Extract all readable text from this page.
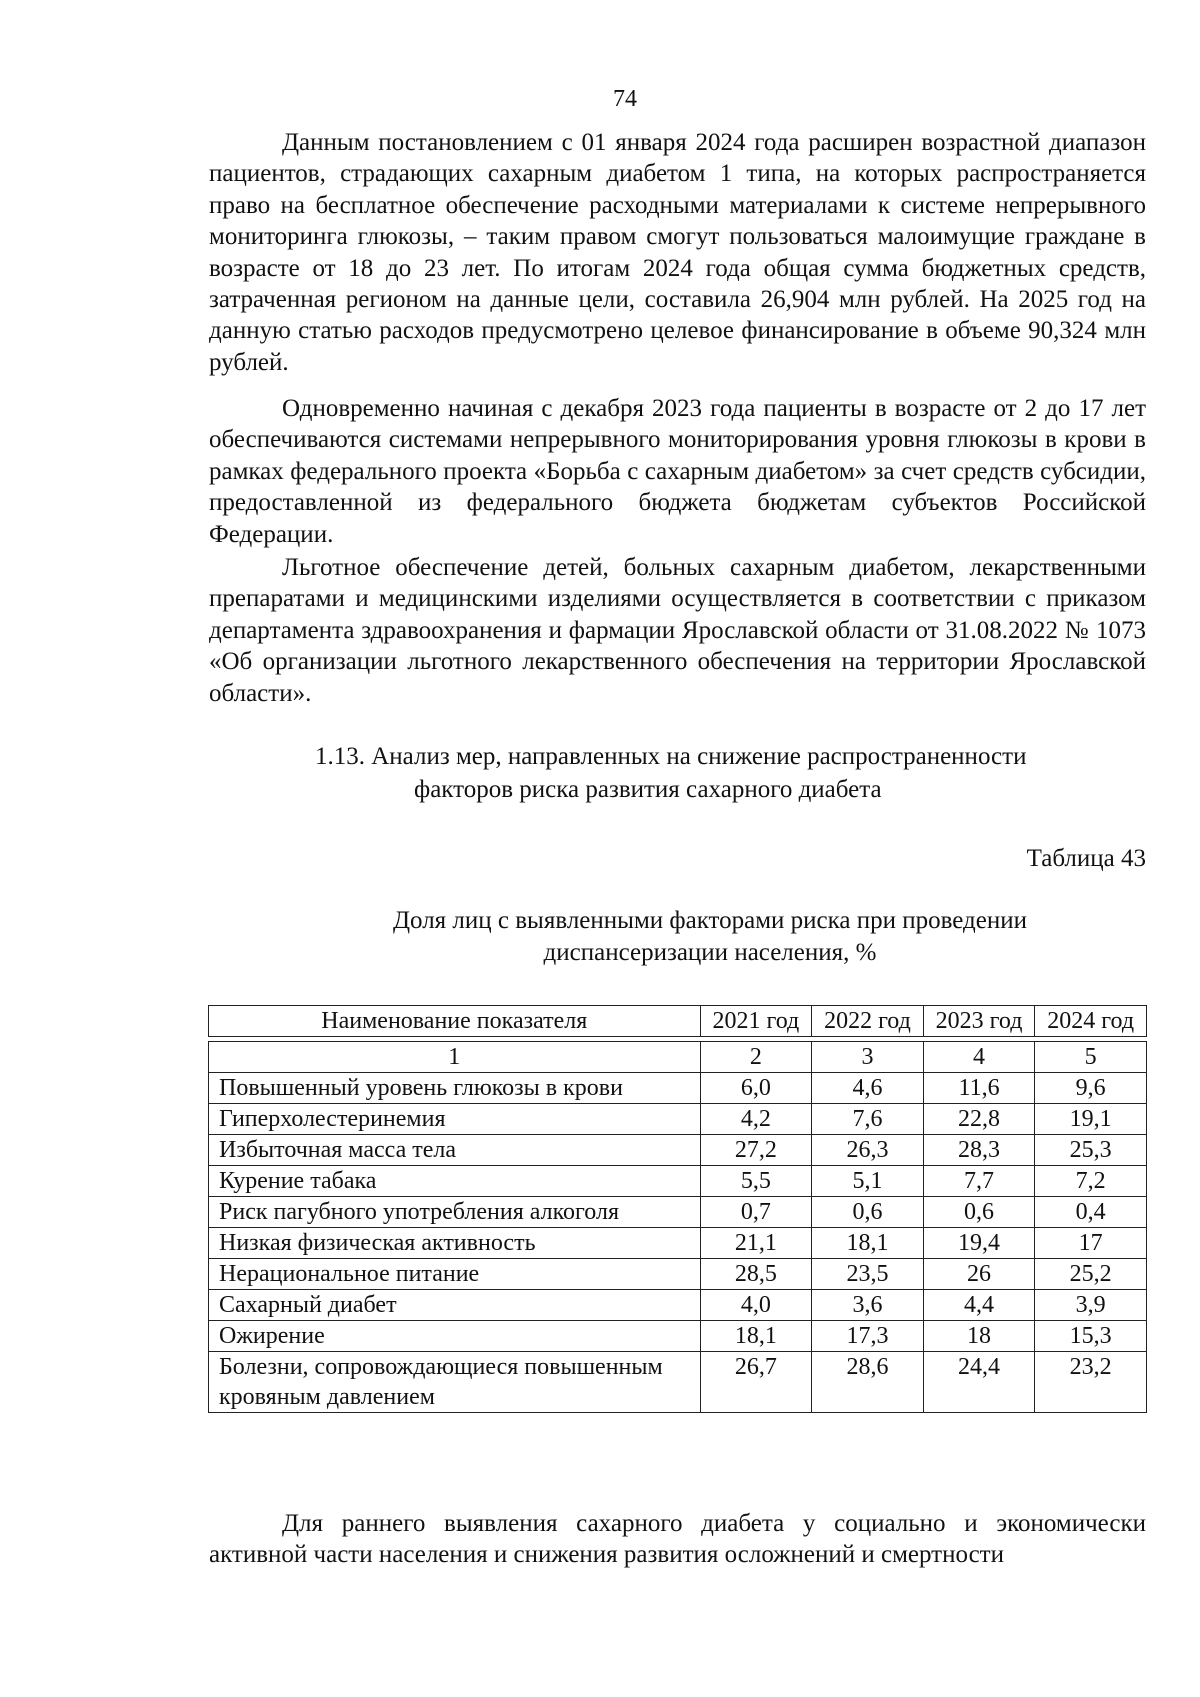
74
Данным постановлением с 01 января 2024 года расширен возрастной диапазон пациентов, страдающих сахарным диабетом 1 типа, на которых распространяется право на бесплатное обеспечение расходными материалами к системе непрерывного мониторинга глюкозы, – таким правом смогут пользоваться малоимущие граждане в возрасте от 18 до 23 лет. По итогам 2024 года общая сумма бюджетных средств, затраченная регионом на данные цели, составила 26,904 млн рублей. На 2025 год на данную статью расходов предусмотрено целевое финансирование в объеме 90,324 млн рублей.
Одновременно начиная с декабря 2023 года пациенты в возрасте от 2 до 17 лет обеспечиваются системами непрерывного мониторирования уровня глюкозы в крови в рамках федерального проекта «Борьба с сахарным диабетом» за счет средств субсидии, предоставленной из федерального бюджета бюджетам субъектов Российской Федерации.
Льготное обеспечение детей, больных сахарным диабетом, лекарственными препаратами и медицинскими изделиями осуществляется в соответствии с приказом департамента здравоохранения и фармации Ярославской области от 31.08.2022 № 1073 «Об организации льготного лекарственного обеспечения на территории Ярославской области».
1.13. Анализ мер, направленных на снижение распространенности
факторов риска развития сахарного диабета
Таблица 43
Доля лиц с выявленными факторами риска при проведении диспансеризации населения, %
Наименование показателя	2021 год	2022 год	2023 год	2024 год

1	2	3	4	5
Повышенный уровень глюкозы в крови	6,0	4,6	11,6	9,6
Гиперхолестеринемия	4,2	7,6	22,8	19,1
Избыточная масса тела	27,2	26,3	28,3	25,3
Курение табака	5,5	5,1	7,7	7,2
Риск пагубного употребления алкоголя	0,7	0,6	0,6	0,4
Низкая физическая активность	21,1	18,1	19,4	17
Нерациональное питание	28,5	23,5	26	25,2
Сахарный диабет	4,0	3,6	4,4	3,9
Ожирение	18,1	17,3	18	15,3
Болезни, сопровождающиеся повышенным кровяным давлением	26,7	28,6	24,4	23,2
Для раннего выявления сахарного диабета у социально и экономически активной части населения и снижения развития осложнений и смертности
